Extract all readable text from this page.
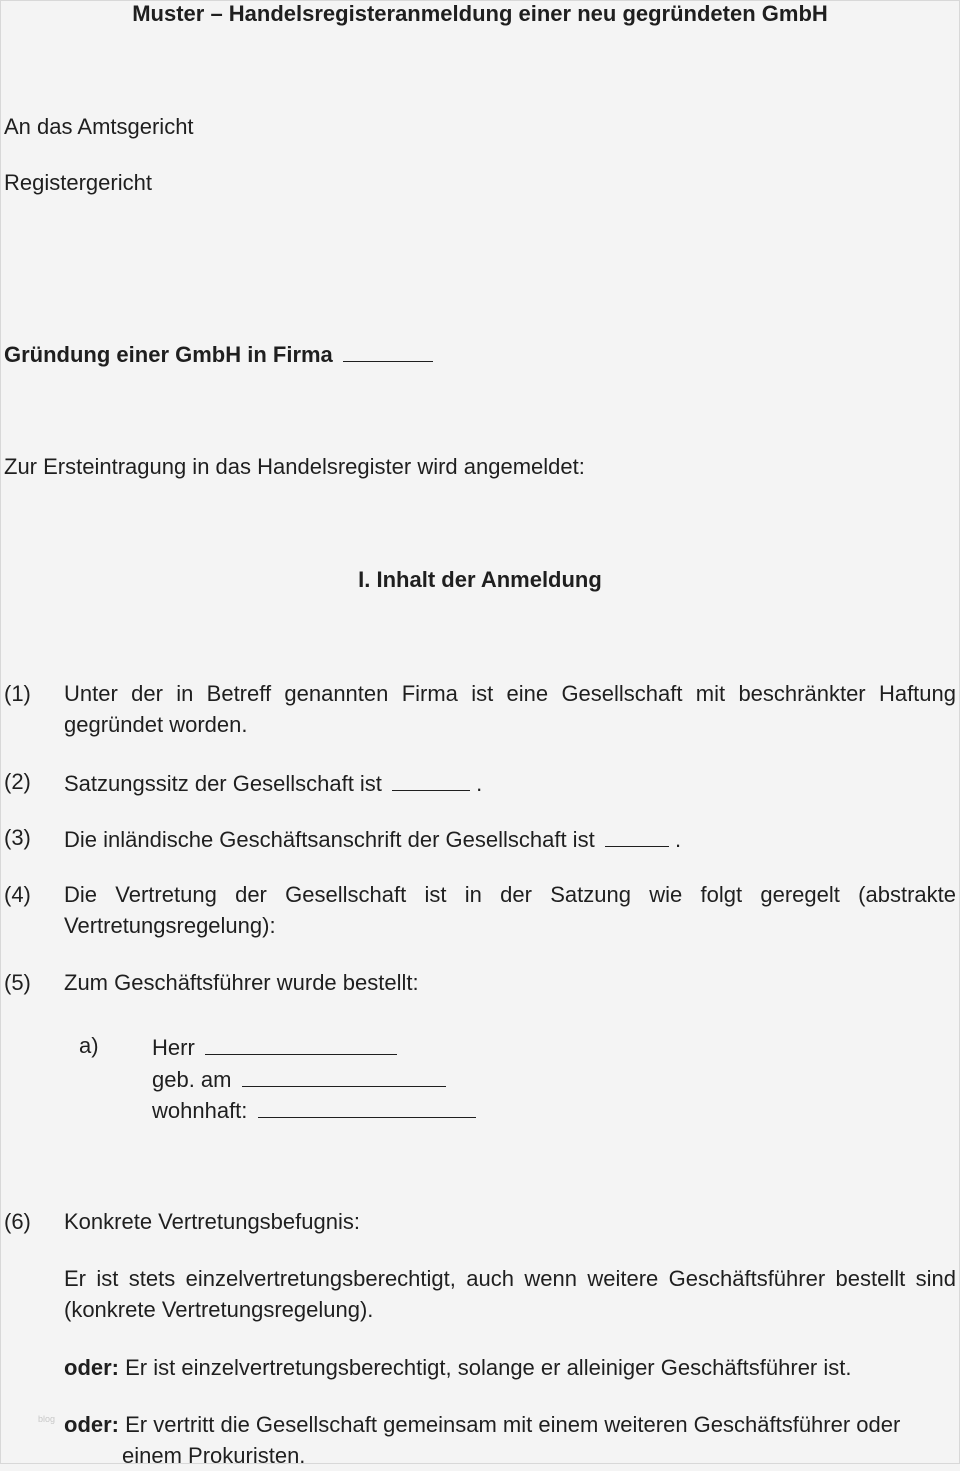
Muster – Handelsregisteranmeldung einer neu gegründeten GmbH
An das Amtsgericht
Registergericht
Gründung einer GmbH in Firma
Zur Ersteintragung in das Handelsregister wird angemeldet:
I. Inhalt der Anmeldung
(1) Unter der in Betreff genannten Firma ist eine Gesellschaft mit beschränkter Haftung gegründet worden.
(2) Satzungssitz der Gesellschaft ist	.
(3) Die inländische Geschäftsanschrift der Gesellschaft ist	.
(4) Die Vertretung der Gesellschaft ist in der Satzung wie folgt geregelt (abstrakte Vertretungsregelung):
(5) Zum Geschäftsführer wurde bestellt:
a) Herr
geb. am
wohnhaft:
(6) Konkrete Vertretungsbefugnis:
Er ist stets einzelvertretungsberechtigt, auch wenn weitere Geschäftsführer bestellt sind (konkrete Vertretungsregelung).
oder: Er ist einzelvertretungsberechtigt, solange er alleiniger Geschäftsführer ist.
blog oder: Er vertritt die Gesellschaft gemeinsam mit einem weiteren Geschäftsführer oder
einem Prokuristen.
